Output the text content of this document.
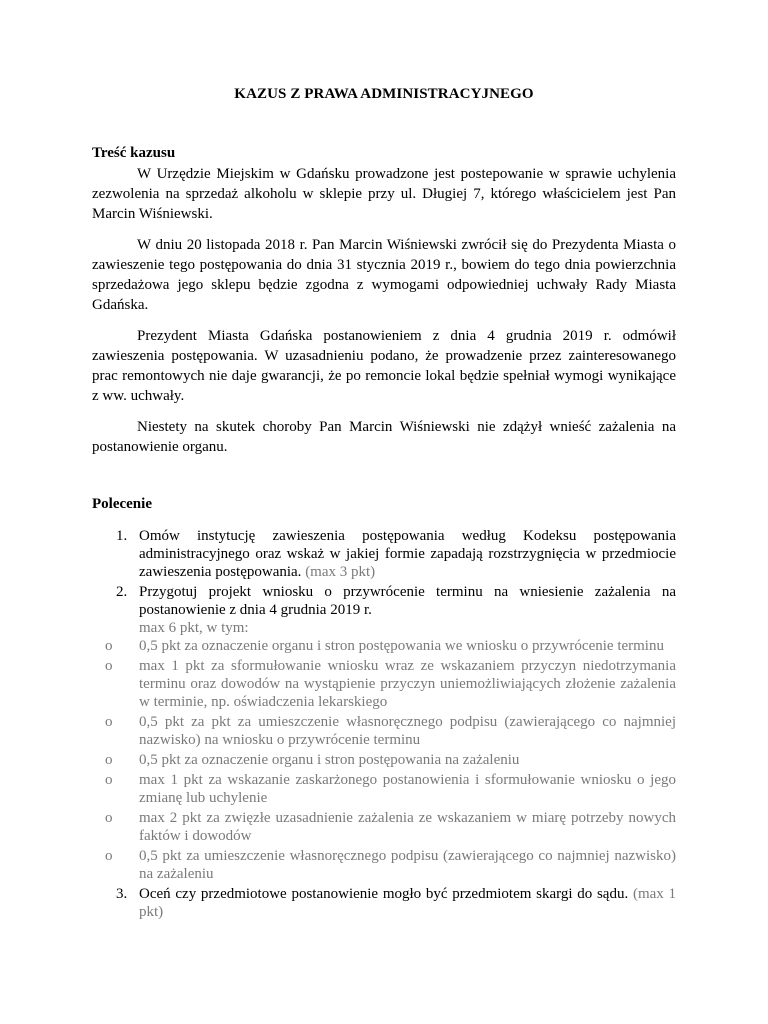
KAZUS Z PRAWA ADMINISTRACYJNEGO
Treść kazusu

W Urzędzie Miejskim w Gdańsku prowadzone jest postepowanie w sprawie uchylenia zezwolenia na sprzedaż alkoholu w sklepie przy ul. Długiej 7, którego właścicielem jest Pan Marcin Wiśniewski.

W dniu 20 listopada 2018 r. Pan Marcin Wiśniewski zwrócił się do Prezydenta Miasta o zawieszenie tego postępowania do dnia 31 stycznia 2019 r., bowiem do tego dnia powierzchnia sprzedażowa jego sklepu będzie zgodna z wymogami odpowiedniej uchwały Rady Miasta Gdańska.

Prezydent Miasta Gdańska postanowieniem z dnia 4 grudnia 2019 r. odmówił zawieszenia postępowania. W uzasadnieniu podano, że prowadzenie przez zainteresowanego prac remontowych nie daje gwarancji, że po remoncie lokal będzie spełniał wymogi wynikające z ww. uchwały.

Niestety na skutek choroby Pan Marcin Wiśniewski nie zdążył wnieść zażalenia na postanowienie organu.

Polecenie
1. Omów instytucję zawieszenia postępowania według Kodeksu postępowania administracyjnego oraz wskaż w jakiej formie zapadają rozstrzygnięcia w przedmiocie zawieszenia postępowania. (max 3 pkt)
2. Przygotuj projekt wniosku o przywrócenie terminu na wniesienie zażalenia na postanowienie z dnia 4 grudnia 2019 r.
max 6 pkt, w tym:
o 0,5 pkt za oznaczenie organu i stron postępowania we wniosku o przywrócenie terminu
o max 1 pkt za sformułowanie wniosku wraz ze wskazaniem przyczyn niedotrzymania terminu oraz dowodów na wystąpienie przyczyn uniemożliwiających złożenie zażalenia w terminie, np. oświadczenia lekarskiego
o 0,5 pkt za pkt za umieszczenie własnoręcznego podpisu (zawierającego co najmniej nazwisko) na wniosku o przywrócenie terminu
o 0,5 pkt za oznaczenie organu i stron postępowania na zażaleniu
o max 1 pkt za wskazanie zaskarżonego postanowienia i sformułowanie wniosku o jego zmianę lub uchylenie
o max 2 pkt za zwięzłe uzasadnienie zażalenia ze wskazaniem w miarę potrzeby nowych faktów i dowodów
o 0,5 pkt za umieszczenie własnoręcznego podpisu (zawierającego co najmniej nazwisko) na zażaleniu
3. Oceń czy przedmiotowe postanowienie mogło być przedmiotem skargi do sądu. (max 1 pkt)
